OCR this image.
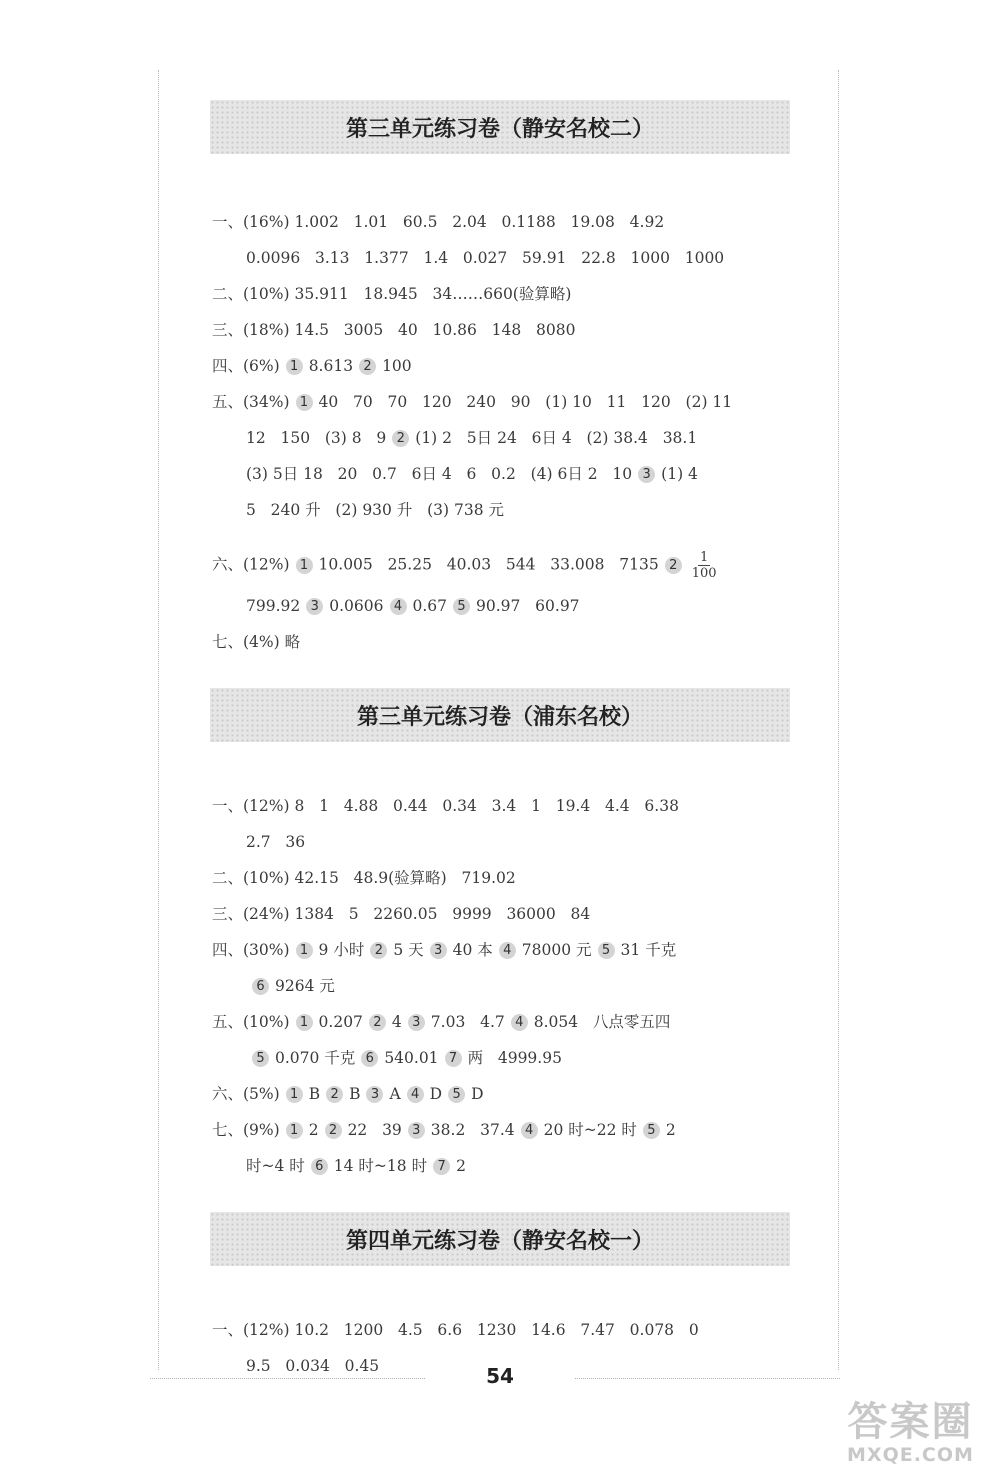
第三单元练习卷（静安名校二）
一、(16%) 1.002   1.01   60.5   2.04   0.1188   19.08   4.92
0.0096   3.13   1.377   1.4   0.027   59.91   22.8   1000   1000
二、(10%) 35.911   18.945   34……660(验算略)
三、(18%) 14.5   3005   40   10.86   148   8080
四、(6%) 1 8.613 2 100
五、(34%) 1 40   70   70   120   240   90   (1) 10   11   120   (2) 11
12   150   (3) 8   9 2 (1) 2   5日 24   6日 4   (2) 38.4   38.1
(3) 5日 18   20   0.7   6日 4   6   0.2   (4) 6日 2   10 3 (1) 4
5   240 升   (2) 930 升   (3) 738 元
六、(12%) 1 10.005   25.25   40.03   544   33.008   7135 $2 \frac{1}{100}$
799.92 3 0.0606 4 0.67 5 90.97   60.97
七、(4%) 略
第三单元练习卷（浦东名校）
一、(12%) 8   1   4.88   0.44   0.34   3.4   1   19.4   4.4   6.38
2.7   36
二、(10%) 42.15   48.9(验算略)   719.02
三、(24%) 1384   5   2260.05   9999   36000   84
四、(30%) 1 9 小时 2 5 天 3 40 本 4 78000 元 5 31 千克
6 9264 元
五、(10%) 1 0.207 2 4 3 7.03   4.7 4 8.054   八点零五四
5 0.070 千克 6 540.01 7 两   4999.95
六、(5%) 1 B 2 B 3 A 4 D 5 D
七、(9%) 1 2 2 22   39 3 38.2   37.4 4 20 时~22 时 5 2
时~4 时 6 14 时~18 时 7 2
第四单元练习卷（静安名校一）
一、(12%) 10.2   1200   4.5   6.6   1230   14.6   7.47   0.078   0
9.5   0.034   0.45	54
答案圈
MXQE.COM
